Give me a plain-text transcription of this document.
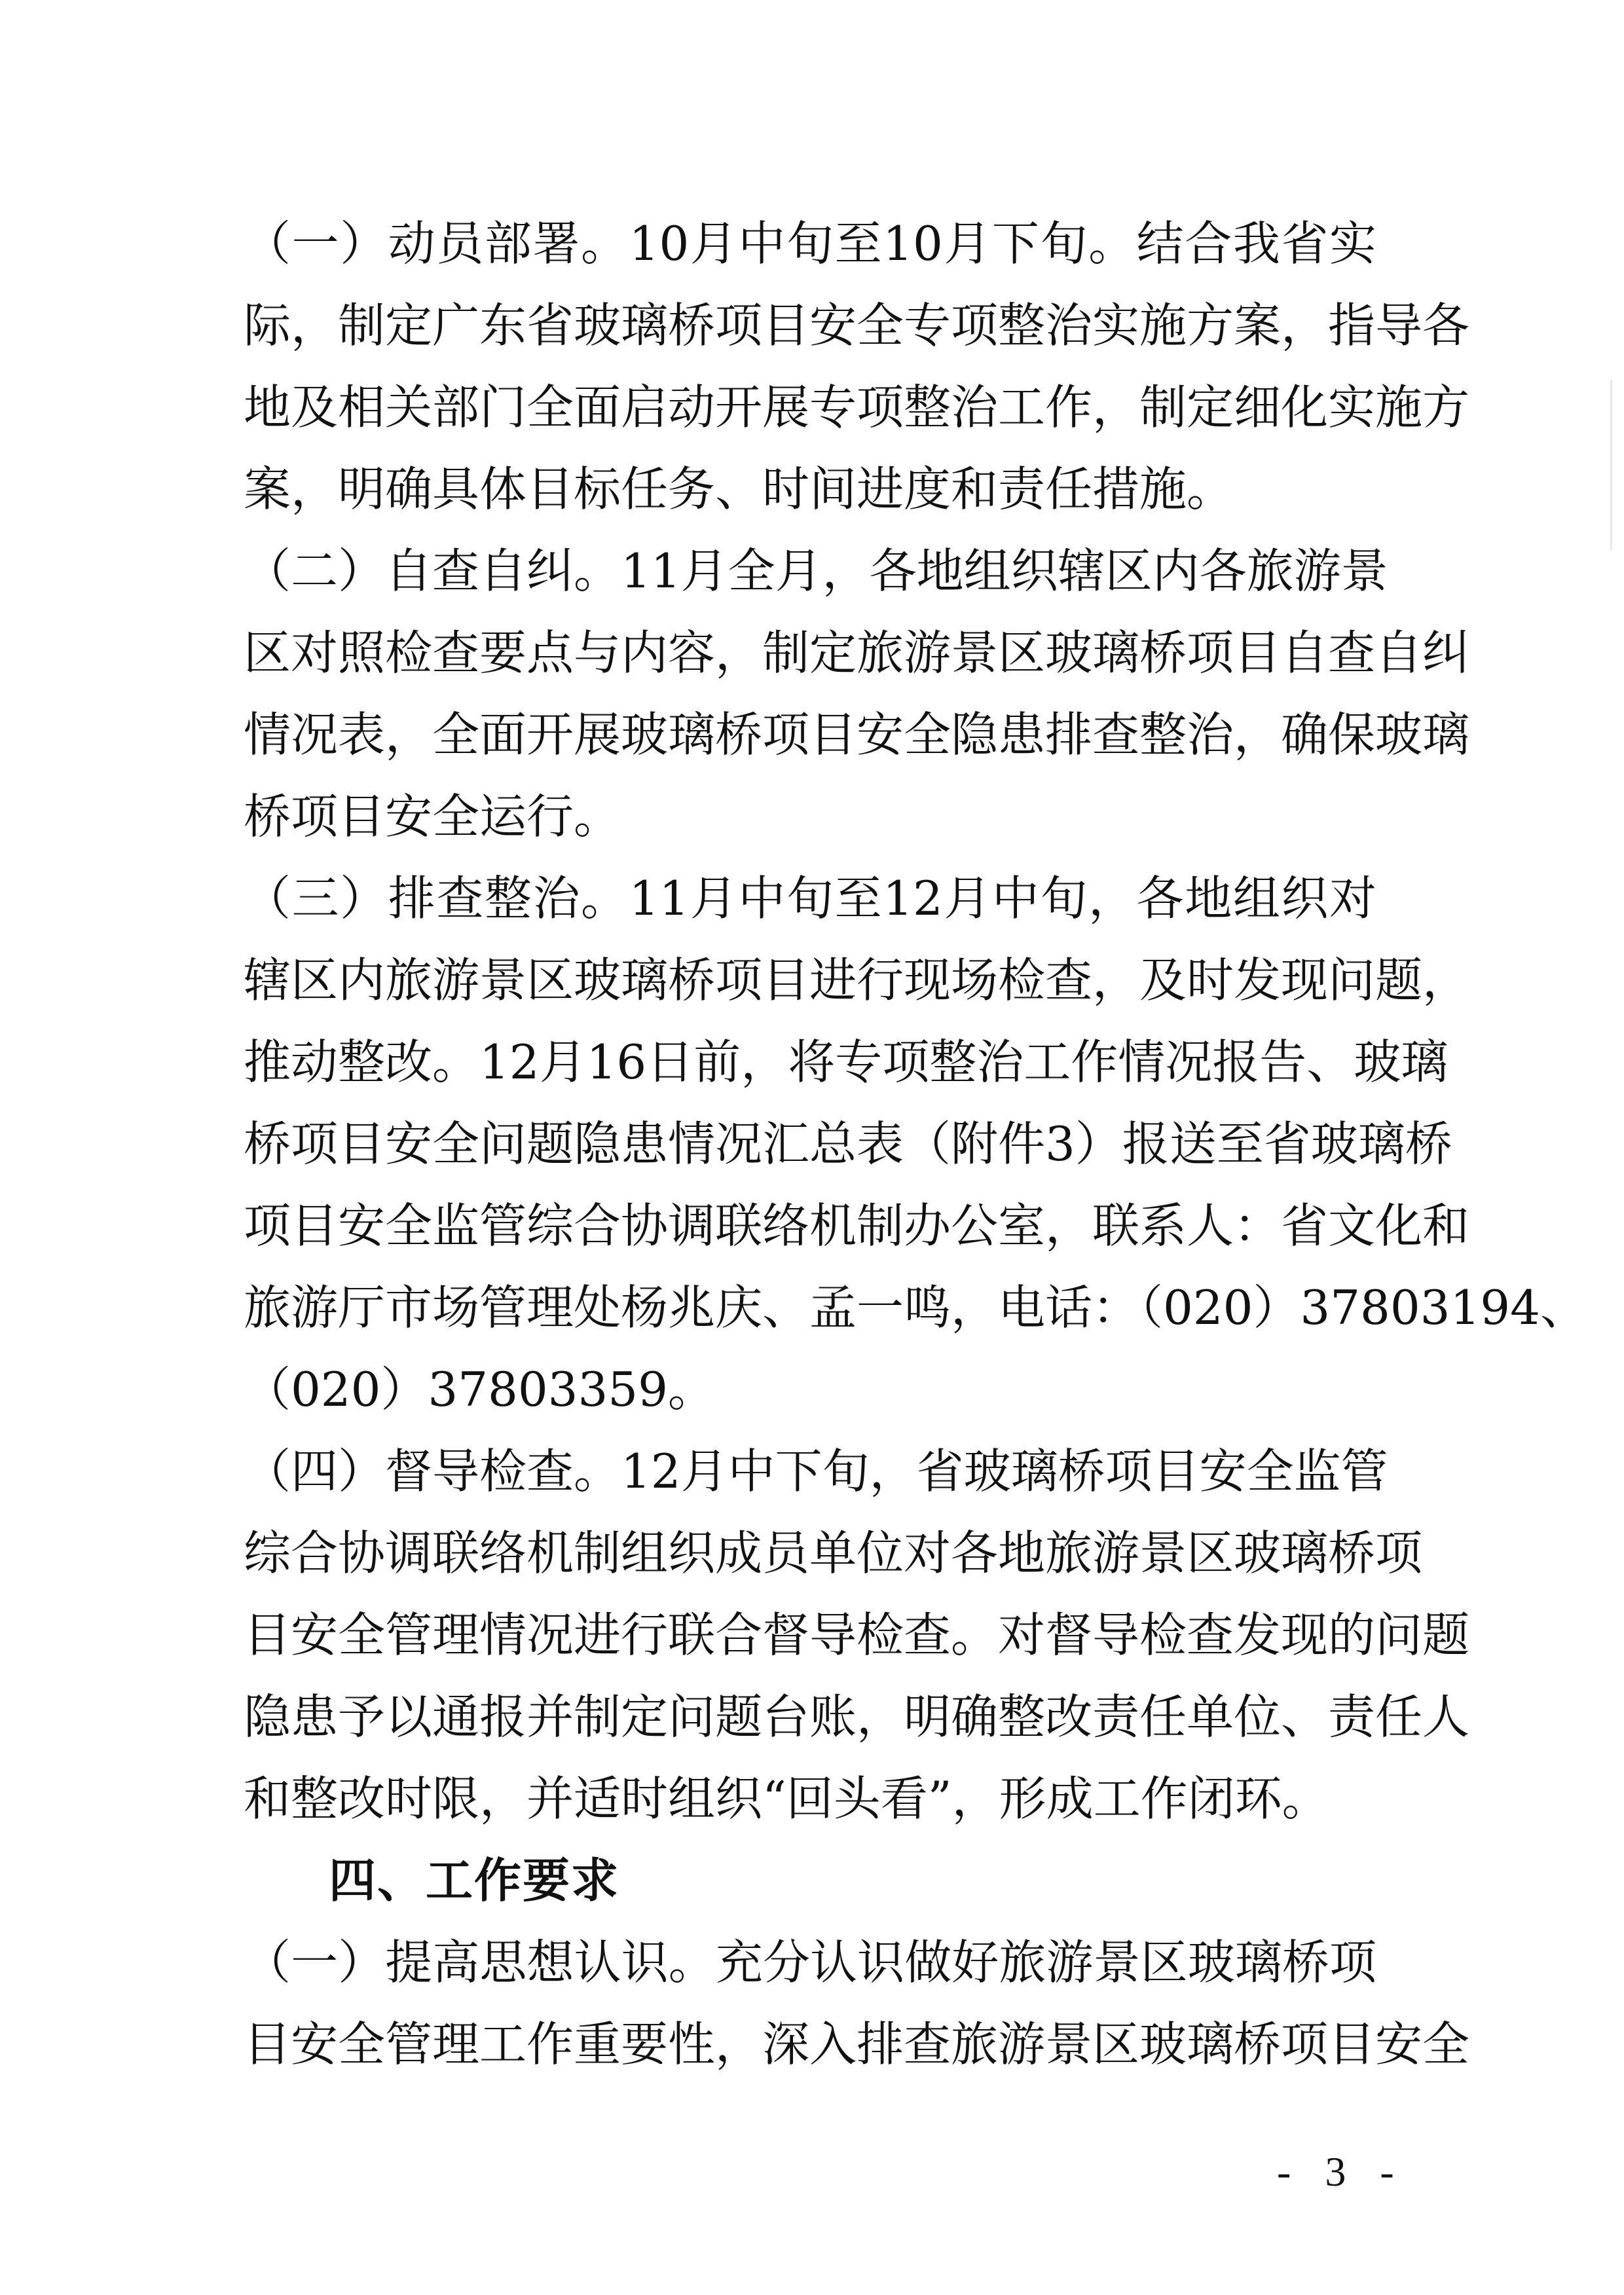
（一）动员部署。10月中旬至10月下旬。结合我省实
际，制定广东省玻璃桥项目安全专项整治实施方案，指导各
地及相关部门全面启动开展专项整治工作，制定细化实施方
案，明确具体目标任务、时间进度和责任措施。
（二）自查自纠。11月全月，各地组织辖区内各旅游景
区对照检查要点与内容，制定旅游景区玻璃桥项目自查自纠
情况表，全面开展玻璃桥项目安全隐患排查整治，确保玻璃
桥项目安全运行。
（三）排查整治。11月中旬至12月中旬，各地组织对
辖区内旅游景区玻璃桥项目进行现场检查，及时发现问题，
推动整改。12月16日前，将专项整治工作情况报告、玻璃
桥项目安全问题隐患情况汇总表（附件3）报送至省玻璃桥
项目安全监管综合协调联络机制办公室，联系人：省文化和
旅游厅市场管理处杨兆庆、孟一鸣，电话：（020）37803194、
（020）37803359。
（四）督导检查。12月中下旬，省玻璃桥项目安全监管
综合协调联络机制组织成员单位对各地旅游景区玻璃桥项
目安全管理情况进行联合督导检查。对督导检查发现的问题
隐患予以通报并制定问题台账，明确整改责任单位、责任人
和整改时限，并适时组织“回头看”，形成工作闭环。
四、工作要求
（一）提高思想认识。充分认识做好旅游景区玻璃桥项
目安全管理工作重要性，深入排查旅游景区玻璃桥项目安全
- 3 -
